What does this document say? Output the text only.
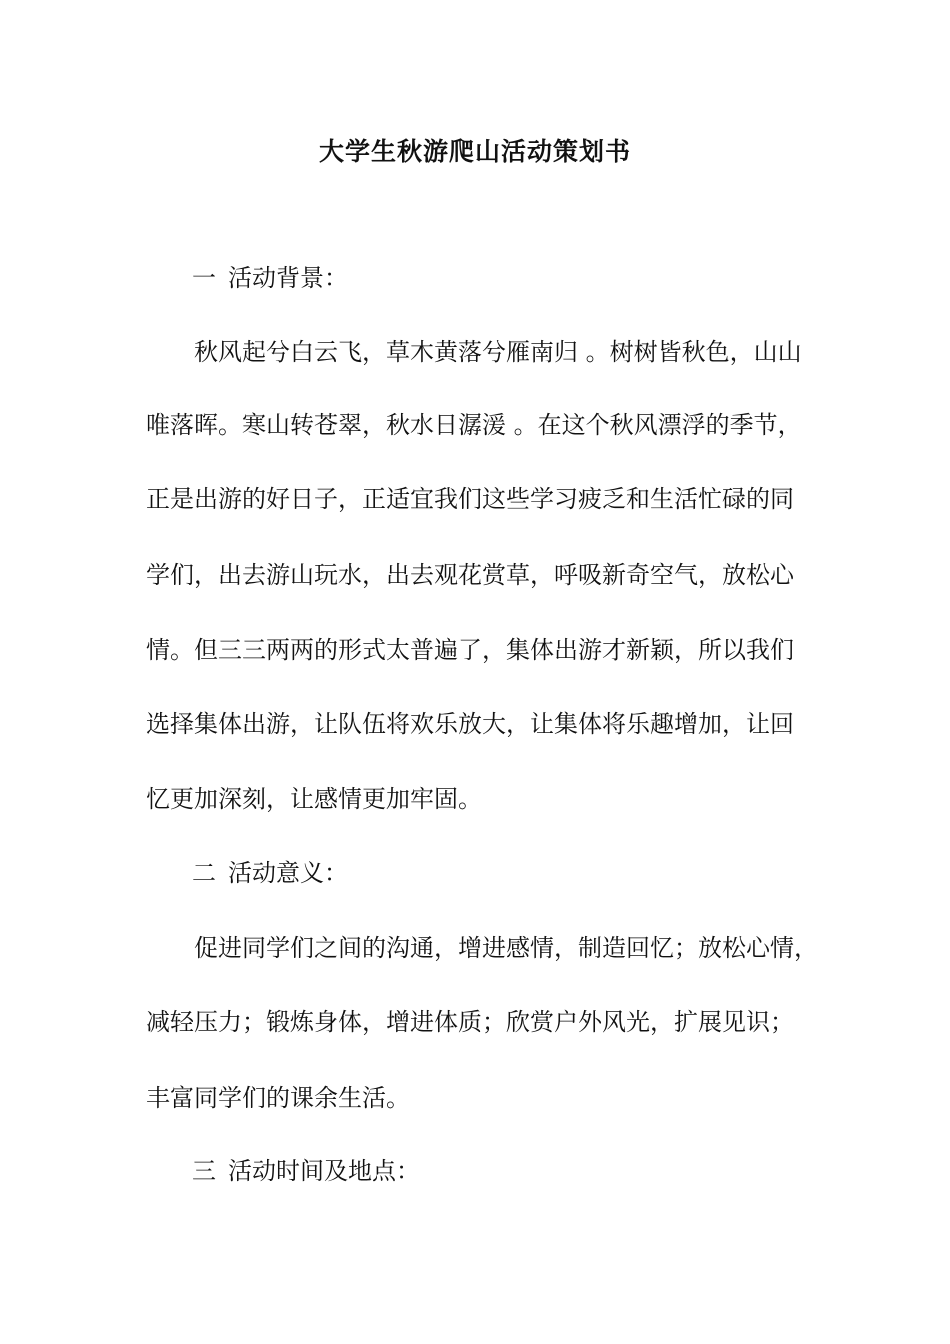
大学生秋游爬山活动策划书
一 活动背景：
秋风起兮白云飞，草木黄落兮雁南归 。树树皆秋色，山山
唯落晖。寒山转苍翠，秋水日潺湲 。在这个秋风漂浮的季节，
正是出游的好日子，正适宜我们这些学习疲乏和生活忙碌的同
学们，出去游山玩水，出去观花赏草，呼吸新奇空气，放松心
情。但三三两两的形式太普遍了，集体出游才新颖，所以我们
选择集体出游，让队伍将欢乐放大，让集体将乐趣增加，让回
忆更加深刻，让感情更加牢固。
二 活动意义：
促进同学们之间的沟通，增进感情，制造回忆；放松心情，
减轻压力；锻炼身体，增进体质；欣赏户外风光，扩展见识；
丰富同学们的课余生活。
三 活动时间及地点：
